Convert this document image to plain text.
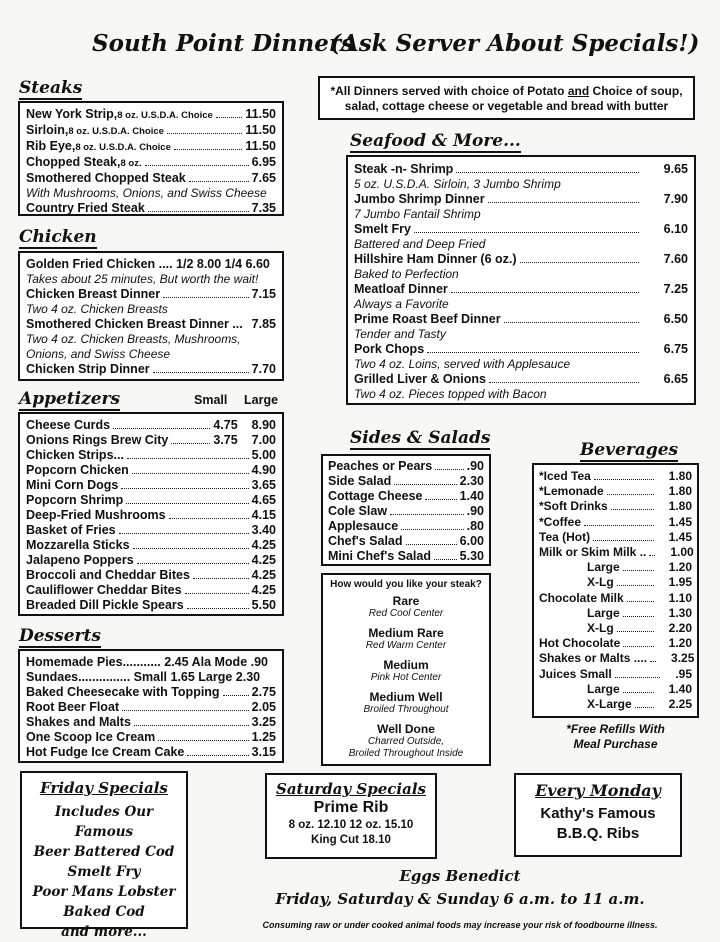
South Point Dinners
(Ask Server About Specials!)
*All Dinners served with choice of Potato and Choice of soup,
salad, cottage cheese or vegetable and bread with butter
Steaks
New York Strip, 8 oz. U.S.D.A. Choice	11.50
Sirloin, 8 oz. U.S.D.A. Choice	11.50
Rib Eye, 8 oz. U.S.D.A. Choice	11.50
Chopped Steak, 8 oz.	6.95
Smothered Chopped Steak	7.65
With Mushrooms, Onions, and Swiss Cheese
Country Fried Steak	7.35
Chicken
Golden Fried Chicken .... 1/2 8.00 1/4 6.60
Takes about 25 minutes, But worth the wait!
Chicken Breast Dinner	7.15
Two 4 oz. Chicken Breasts
Smothered Chicken Breast Dinner ... 7.85
Two 4 oz. Chicken Breasts, Mushrooms,
Onions, and Swiss Cheese
Chicken Strip Dinner	7.70
Appetizers	Small Large
Cheese Curds	4.75 8.90
Onions Rings Brew City	3.75 7.00
Chicken Strips...	5.00
Popcorn Chicken	4.90
Mini Corn Dogs	3.65
Popcorn Shrimp	4.65
Deep-Fried Mushrooms	4.15
Basket of Fries	3.40
Mozzarella Sticks	4.25
Jalapeno Poppers	4.25
Broccoli and Cheddar Bites	4.25
Cauliflower Cheddar Bites	4.25
Breaded Dill Pickle Spears	5.50
Desserts
Homemade Pies........... 2.45 Ala Mode .90
Sundaes............... Small 1.65 Large 2.30
Baked Cheesecake with Topping	2.75
Root Beer Float	2.05
Shakes and Malts	3.25
One Scoop Ice Cream	1.25
Hot Fudge Ice Cream Cake	3.15
Seafood & More...
Steak -n- Shrimp	9.65
5 oz. U.S.D.A. Sirloin, 3 Jumbo Shrimp
Jumbo Shrimp Dinner	7.90
7 Jumbo Fantail Shrimp
Smelt Fry	6.10
Battered and Deep Fried
Hillshire Ham Dinner (6 oz.)	7.60
Baked to Perfection
Meatloaf Dinner	7.25
Always a Favorite
Prime Roast Beef Dinner	6.50
Tender and Tasty
Pork Chops	6.75
Two 4 oz. Loins, served with Applesauce
Grilled Liver & Onions	6.65
Two 4 oz. Pieces topped with Bacon
Sides & Salads
Peaches or Pears	.90
Side Salad	2.30
Cottage Cheese	1.40
Cole Slaw	.90
Applesauce	.80
Chef's Salad	6.00
Mini Chef's Salad 5.30
How would you like your steak?
Rare
Red Cool Center
Medium Rare
Red Warm Center
Medium
Pink Hot Center
Medium Well
Broiled Throughout
Well Done
Charred Outside,
Broiled Throughout Inside
Beverages
*Iced Tea	1.80
*Lemonade	1.80
*Soft Drinks	1.80
*Coffee	1.45
Tea (Hot)	1.45
Milk or Skim Milk .. 1.00
Large	1.20
X-Lg	1.95
Chocolate Milk	1.10
Large	1.30
X-Lg	2.20
Hot Chocolate	1.20
Shakes or Malts .... 3.25
Juices Small	.95
Large	1.40
X-Large	2.25
*Free Refills With
Meal Purchase
Friday Specials
Includes Our Famous
Beer Battered Cod
Smelt Fry
Poor Mans Lobster
Baked Cod
and more...
Saturday Specials
Prime Rib
8 oz. 12.10 12 oz. 15.10
King Cut 18.10
Every Monday
Kathy's Famous
B.B.Q. Ribs
Eggs Benedict
Friday, Saturday & Sunday 6 a.m. to 11 a.m.
Consuming raw or under cooked animal foods may increase your risk of foodbourne illness.
